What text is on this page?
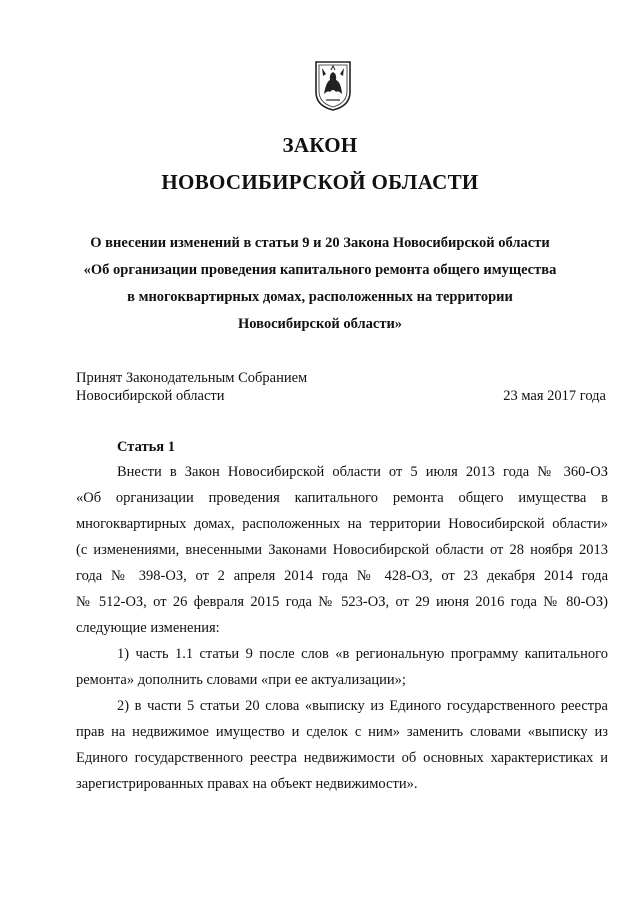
ЗАКОН
НОВОСИБИРСКОЙ ОБЛАСТИ
О внесении изменений в статьи 9 и 20 Закона Новосибирской области
«Об организации проведения капитального ремонта общего имущества
в многоквартирных домах, расположенных на территории
Новосибирской области»
Принят Законодательным Собранием
Новосибирской области	23 мая 2017 года
Статья 1
Внести в Закон Новосибирской области от 5 июля 2013 года № 360-ОЗ
«Об организации проведения капитального ремонта общего имущества в
многоквартирных домах, расположенных на территории Новосибирской области»
(с изменениями, внесенными Законами Новосибирской области от 28 ноября 2013
года № 398-ОЗ, от 2 апреля 2014 года № 428-ОЗ, от 23 декабря 2014 года
№ 512-ОЗ, от 26 февраля 2015 года № 523-ОЗ, от 29 июня 2016 года № 80-ОЗ)
следующие изменения:
1) часть 1.1 статьи 9 после слов «в региональную программу капитального
ремонта» дополнить словами «при ее актуализации»;
2) в части 5 статьи 20 слова «выписку из Единого государственного реестра
прав на недвижимое имущество и сделок с ним» заменить словами «выписку из
Единого государственного реестра недвижимости об основных характеристиках и
зарегистрированных правах на объект недвижимости».
